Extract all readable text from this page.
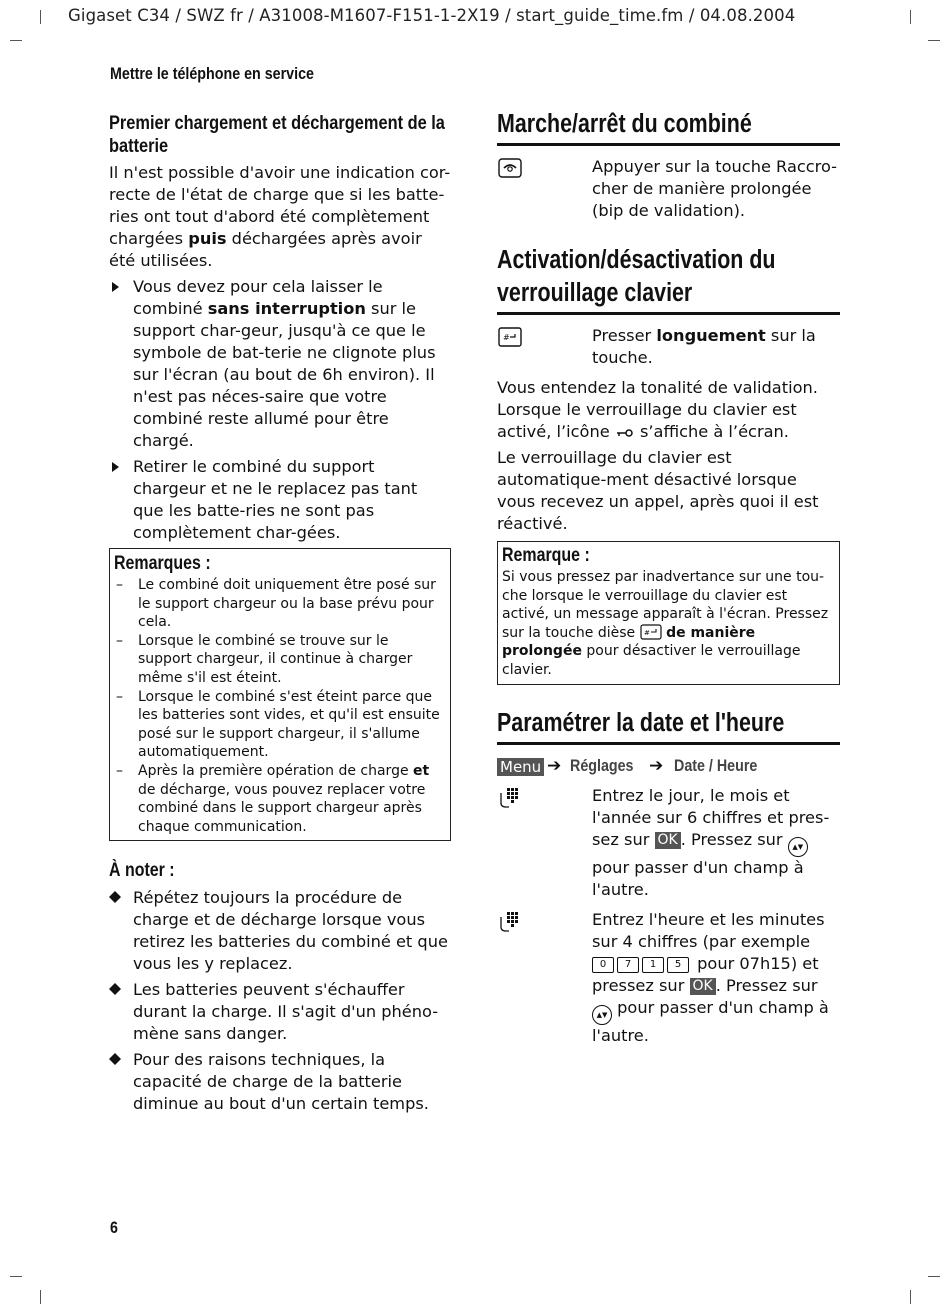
Gigaset C34 / SWZ fr / A31008-M1607-F151-1-2X19 / start_guide_time.fm / 04.08.2004
Mettre le téléphone en service
6
Premier chargement et déchargement de la batterie
Il n'est possible d'avoir une indication cor-recte de l'état de charge que si les batte-ries ont tout d'abord été complètement chargées puis déchargées après avoir été utilisées.
Vous devez pour cela laisser le combiné sans interruption sur le support char-geur, jusqu'à ce que le symbole de bat-terie ne clignote plus sur l'écran (au bout de 6h environ). Il n'est pas néces-saire que votre combiné reste allumé pour être chargé.
Retirer le combiné du support chargeur et ne le replacez pas tant que les batte-ries ne sont pas complètement char-gées.
Remarques :
– Le combiné doit uniquement être posé sur le support chargeur ou la base prévu pour cela.
– Lorsque le combiné se trouve sur le support chargeur, il continue à charger même s'il est éteint.
– Lorsque le combiné s'est éteint parce que les batteries sont vides, et qu'il est ensuite posé sur le support chargeur, il s'allume automatiquement.
– Après la première opération de charge et de décharge, vous pouvez replacer votre combiné dans le support chargeur après chaque communication.
À noter :
Répétez toujours la procédure de charge et de décharge lorsque vous retirez les batteries du combiné et que vous les y replacez.
Les batteries peuvent s'échauffer durant la charge. Il s'agit d'un phéno-mène sans danger.
Pour des raisons techniques, la capacité de charge de la batterie diminue au bout d'un certain temps.
Marche/arrêt du combiné
Appuyer sur la touche Raccro-cher de manière prolongée (bip de validation).
Activation/désactivation du
verrouillage clavier
#	Presser longuement sur la touche.
Vous entendez la tonalité de validation. Lorsque le verrouillage du clavier est activé, l’icône  s’affiche à l’écran.
Le verrouillage du clavier est automatique-ment désactivé lorsque vous recevez un appel, après quoi il est réactivé.
Remarque :
Si vous pressez par inadvertance sur une tou-che lorsque le verrouillage du clavier est activé, un message apparaît à l'écran. Pressez sur la touche dièse # de manière prolongée pour désactiver le verrouillage clavier.
Paramétrer la date et l'heure
Menu ➔ Réglages ➔ Date / Heure
Entrez le jour, le mois et l'année sur 6 chiffres et pres-sez sur OK . Pressez sur ▲▼ pour passer d'un champ à l'autre.
Entrez l'heure et les minutes sur 4 chiffres (par exemple 0 7 1 5 pour 07h15) et pressez sur OK . Pressez sur ▲▼ pour passer d'un champ à l'autre.
